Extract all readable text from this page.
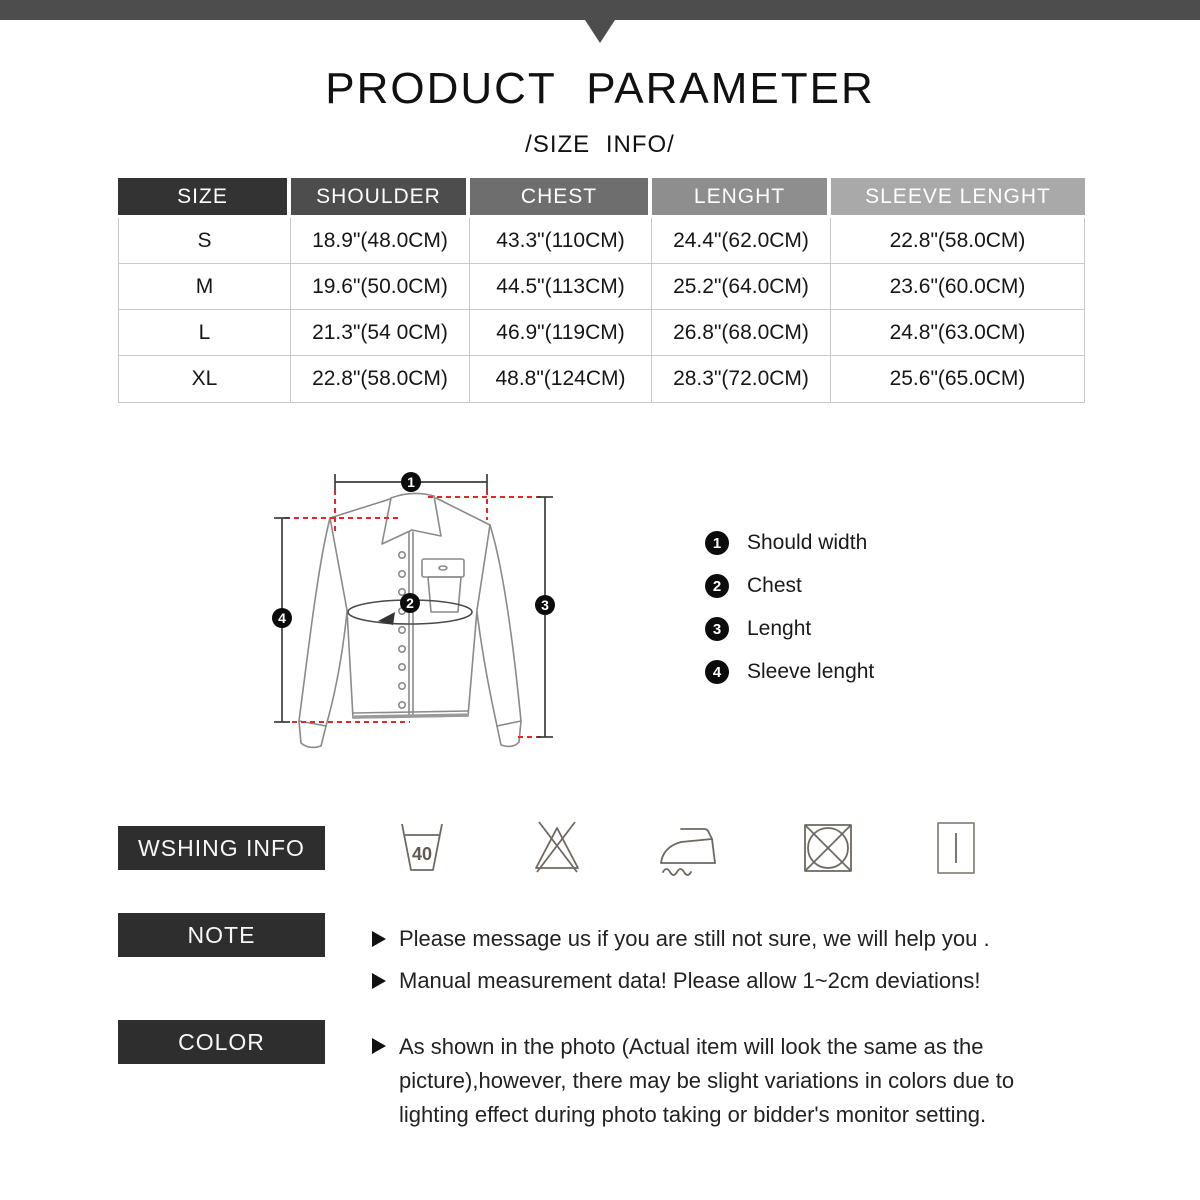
PRODUCT PARAMETER
/SIZE INFO/
SIZE	SHOULDER	CHEST	LENGHT	SLEEVE LENGHT
S	18.9"(48.0CM)	43.3"(110CM)	24.4"(62.0CM)	22.8"(58.0CM)
M	19.6"(50.0CM)	44.5"(113CM)	25.2"(64.0CM)	23.6"(60.0CM)
L	21.3"(54 0CM)	46.9"(119CM)	26.8"(68.0CM)	24.8"(63.0CM)
XL	22.8"(58.0CM)	48.8"(124CM)	28.3"(72.0CM)	25.6"(65.0CM)
1
2	3
4
1	Should width
2	Chest
3	Lenght
4	Sleeve lenght
WSHING INFO	40
NOTE	Please message us if you are still not sure, we will help you .
Manual measurement data! Please allow 1~2cm deviations!
COLOR	As shown in the photo (Actual item will look the same as the picture),however, there may be slight variations in colors due to lighting effect during photo taking or bidder's monitor setting.
